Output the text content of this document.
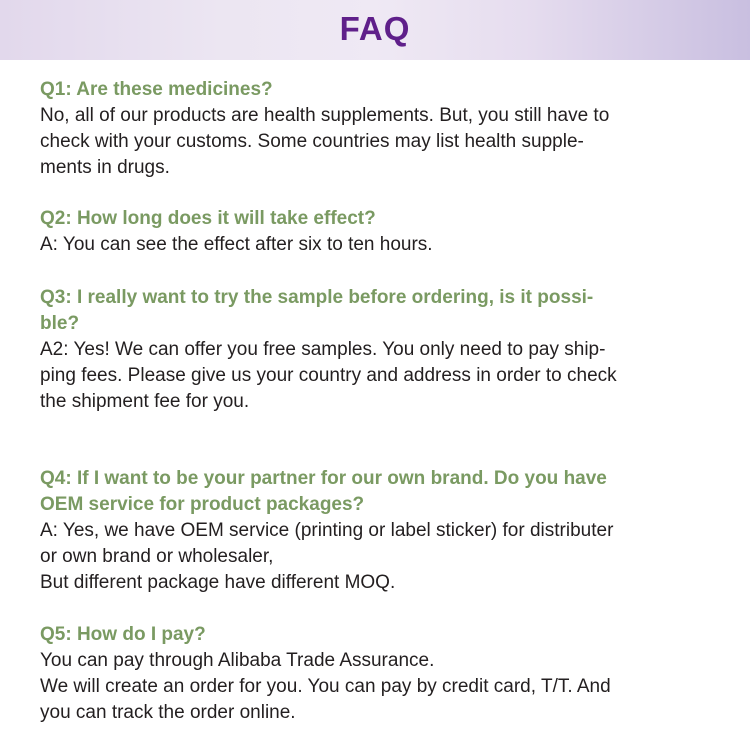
FAQ
Q1: Are these medicines?
No, all of our products are health supplements. But, you still have to
check with your customs. Some countries may list health supple-
ments in drugs.
Q2: How long does it will take effect?
A: You can see the effect after six to ten hours.
Q3: I really want to try the sample before ordering, is it possi-
ble?
A2: Yes! We can offer you free samples. You only need to pay ship-
ping fees. Please give us your country and address in order to check
the shipment fee for you.
Q4: If I want to be your partner for our own brand. Do you have
OEM service for product packages?
A: Yes, we have OEM service (printing or label sticker) for distributer
or own brand or wholesaler,
But different package have different MOQ.
Q5: How do I pay?
You can pay through Alibaba Trade Assurance.
We will create an order for you. You can pay by credit card, T/T. And
you can track the order online.
